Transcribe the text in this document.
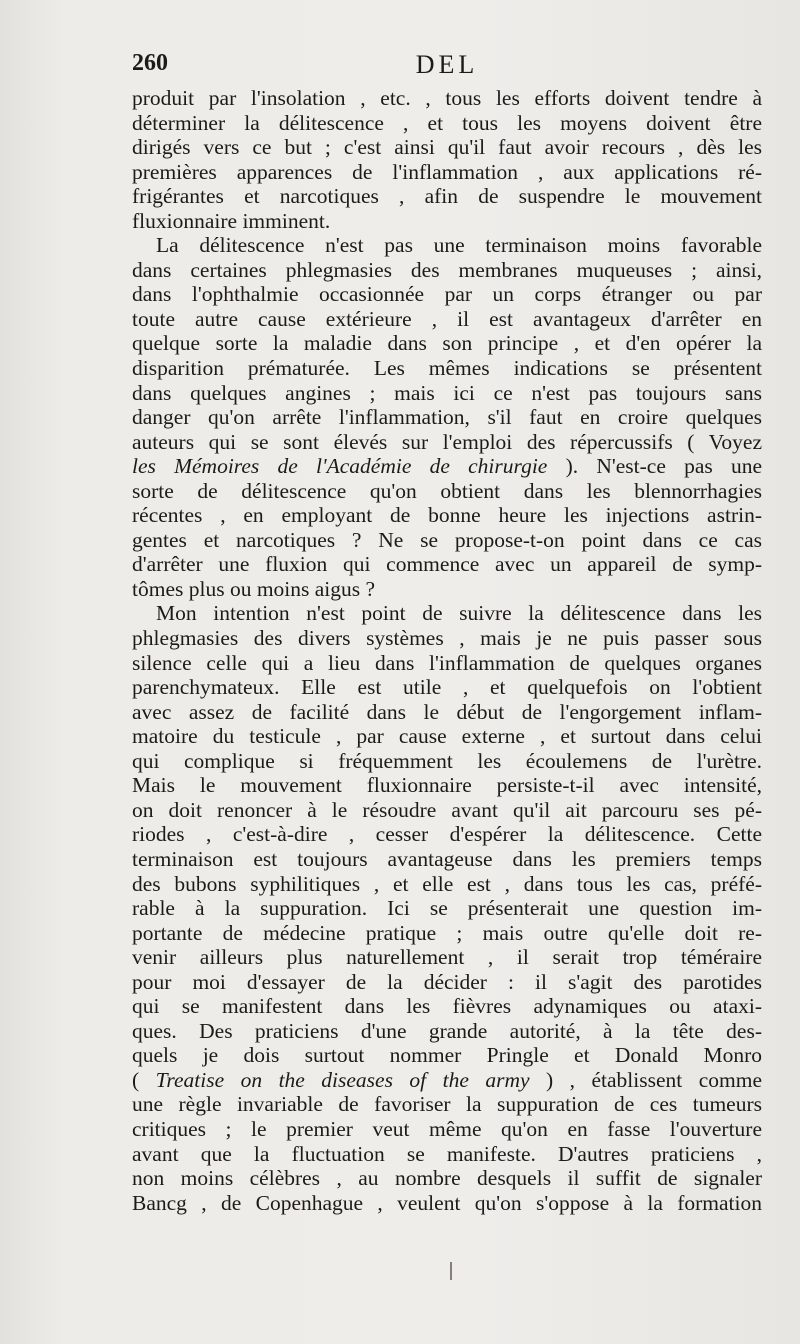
260	DEL
produit par l'insolation , etc. , tous les efforts doivent tendre à
déterminer la délitescence , et tous les moyens doivent être
dirigés vers ce but ; c'est ainsi qu'il faut avoir recours , dès les
premières apparences de l'inflammation , aux applications ré-
frigérantes et narcotiques , afin de suspendre le mouvement
fluxionnaire imminent.
La délitescence n'est pas une terminaison moins favorable
dans certaines phlegmasies des membranes muqueuses ; ainsi,
dans l'ophthalmie occasionnée par un corps étranger ou par
toute autre cause extérieure , il est avantageux d'arrêter en
quelque sorte la maladie dans son principe , et d'en opérer la
disparition prématurée. Les mêmes indications se présentent
dans quelques angines ; mais ici ce n'est pas toujours sans
danger qu'on arrête l'inflammation, s'il faut en croire quelques
auteurs qui se sont élevés sur l'emploi des répercussifs ( Voyez
les Mémoires de l'Académie de chirurgie ). N'est-ce pas une
sorte de délitescence qu'on obtient dans les blennorrhagies
récentes , en employant de bonne heure les injections astrin-
gentes et narcotiques ? Ne se propose-t-on point dans ce cas
d'arrêter une fluxion qui commence avec un appareil de symp-
tômes plus ou moins aigus ?
Mon intention n'est point de suivre la délitescence dans les
phlegmasies des divers systèmes , mais je ne puis passer sous
silence celle qui a lieu dans l'inflammation de quelques organes
parenchymateux. Elle est utile , et quelquefois on l'obtient
avec assez de facilité dans le début de l'engorgement inflam-
matoire du testicule , par cause externe , et surtout dans celui
qui complique si fréquemment les écoulemens de l'urètre.
Mais le mouvement fluxionnaire persiste-t-il avec intensité,
on doit renoncer à le résoudre avant qu'il ait parcouru ses pé-
riodes , c'est-à-dire , cesser d'espérer la délitescence. Cette
terminaison est toujours avantageuse dans les premiers temps
des bubons syphilitiques , et elle est , dans tous les cas, préfé-
rable à la suppuration. Ici se présenterait une question im-
portante de médecine pratique ; mais outre qu'elle doit re-
venir ailleurs plus naturellement , il serait trop téméraire
pour moi d'essayer de la décider : il s'agit des parotides
qui se manifestent dans les fièvres adynamiques ou ataxi-
ques. Des praticiens d'une grande autorité, à la tête des-
quels je dois surtout nommer Pringle et Donald Monro
( Treatise on the diseases of the army ) , établissent comme
une règle invariable de favoriser la suppuration de ces tumeurs
critiques ; le premier veut même qu'on en fasse l'ouverture
avant que la fluctuation se manifeste. D'autres praticiens ,
non moins célèbres , au nombre desquels il suffit de signaler
Bancg , de Copenhague , veulent qu'on s'oppose à la formation
